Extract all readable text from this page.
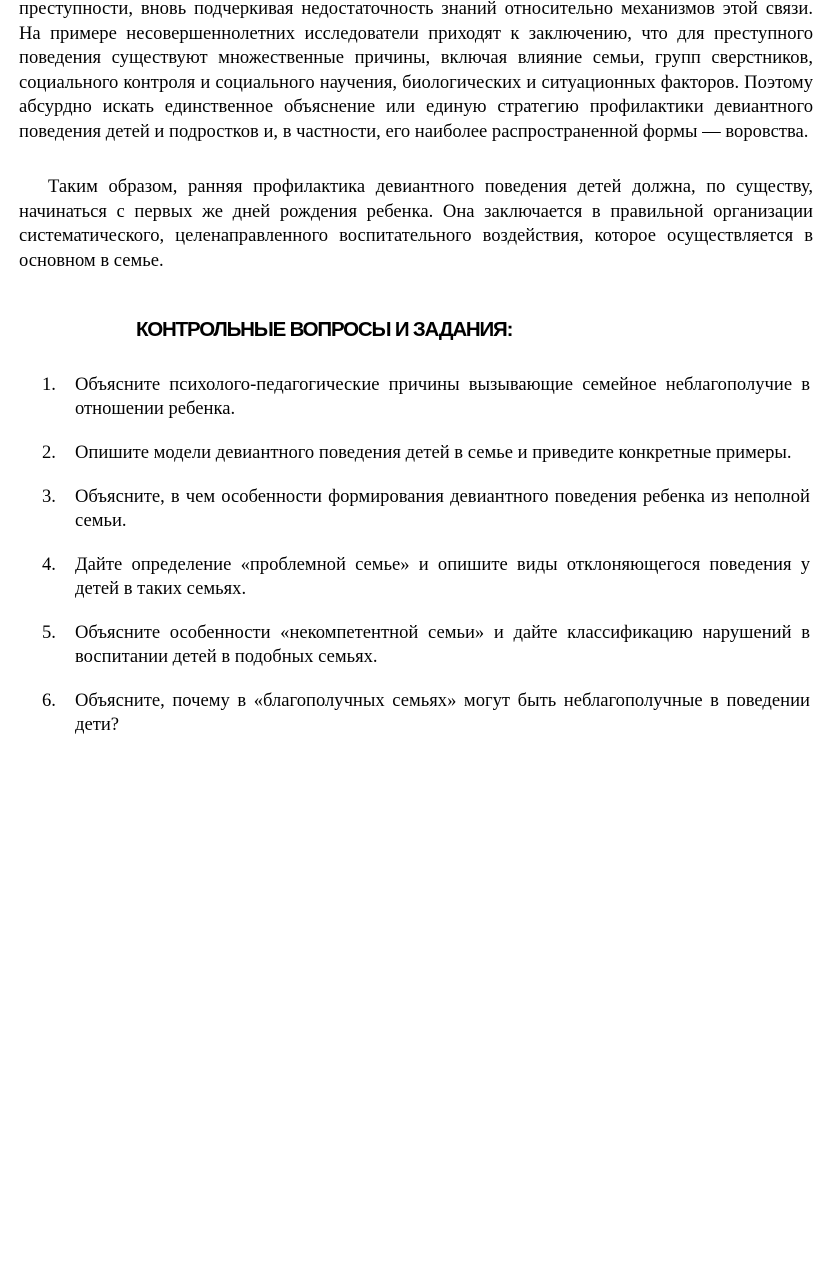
преступности, вновь подчеркивая недостаточность знаний относительно механизмов этой связи. На примере несовершеннолетних исследователи приходят к заключению, что для преступного поведения существуют множественные причины, включая влияние семьи, групп сверстников, социального контроля и социального научения, биологических и ситуационных факторов. Поэтому абсурдно искать единственное объяснение или единую стратегию профилактики девиантного поведения детей и подростков и, в частности, его наиболее распространенной формы — воровства.

Таким образом, ранняя профилактика девиантного поведения детей должна, по существу, начинаться с первых же дней рождения ребенка. Она заключается в правильной организации систематического, целенаправленного воспитательного воздействия, которое осуществляется в основном в семье.

КОНТРОЛЬНЫЕ ВОПРОСЫ И ЗАДАНИЯ:
1. Объясните психолого-педагогические причины вызывающие семейное неблагополучие в отношении ребенка.
2. Опишите модели девиантного поведения детей в семье и приведите конкретные примеры.
3. Объясните, в чем особенности формирования девиантного поведения ребенка из неполной семьи.
4. Дайте определение «проблемной семье» и опишите виды отклоняющегося поведения у детей в таких семьях.
5. Объясните особенности «некомпетентной семьи» и дайте классификацию нарушений в воспитании детей в подобных семьях.
6. Объясните, почему в «благополучных семьях» могут быть неблагополучные в поведении дети?
